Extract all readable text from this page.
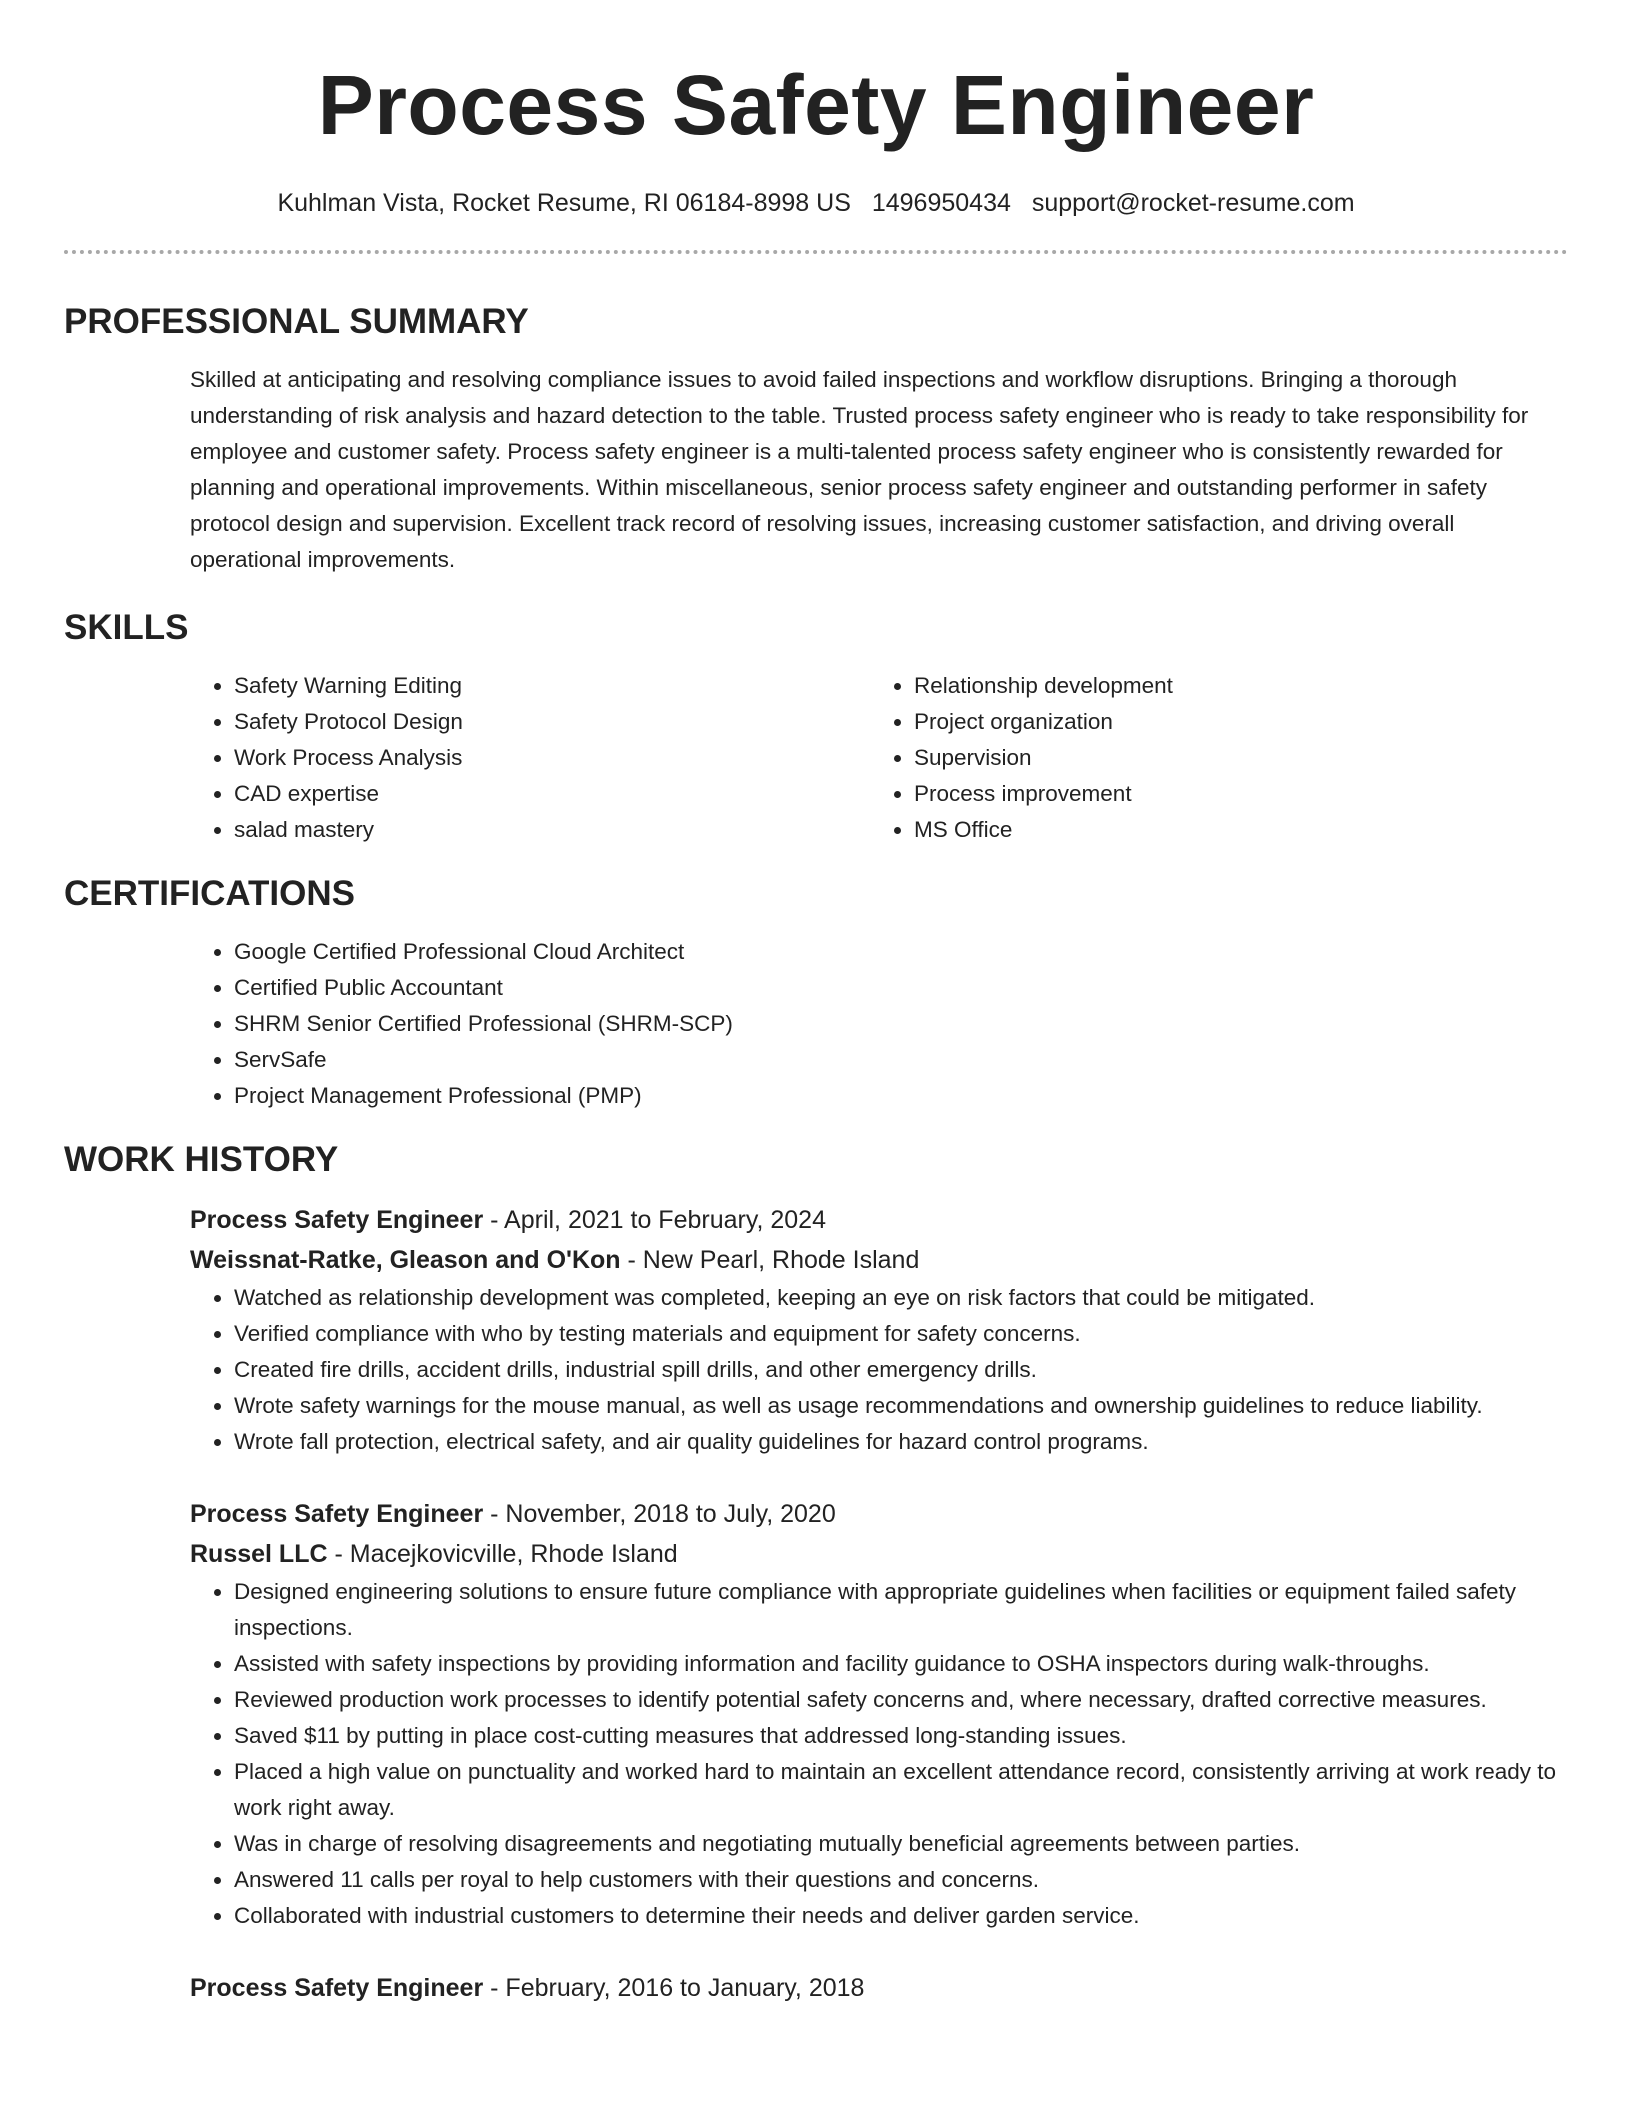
Process Safety Engineer
Kuhlman Vista, Rocket Resume, RI 06184-8998 US 1496950434 support@rocket-resume.com
PROFESSIONAL SUMMARY
Skilled at anticipating and resolving compliance issues to avoid failed inspections and workflow disruptions. Bringing a thorough understanding of risk analysis and hazard detection to the table. Trusted process safety engineer who is ready to take responsibility for employee and customer safety. Process safety engineer is a multi-talented process safety engineer who is consistently rewarded for planning and operational improvements. Within miscellaneous, senior process safety engineer and outstanding performer in safety protocol design and supervision. Excellent track record of resolving issues, increasing customer satisfaction, and driving overall operational improvements.
SKILLS
• Safety Warning Editing
• Safety Protocol Design
• Work Process Analysis
• CAD expertise
• salad mastery
• Relationship development
• Project organization
• Supervision
• Process improvement
• MS Office
CERTIFICATIONS
• Google Certified Professional Cloud Architect
• Certified Public Accountant
• SHRM Senior Certified Professional (SHRM-SCP)
• ServSafe
• Project Management Professional (PMP)
WORK HISTORY
Process Safety Engineer - April, 2021 to February, 2024
Weissnat-Ratke, Gleason and O'Kon - New Pearl, Rhode Island
• Watched as relationship development was completed, keeping an eye on risk factors that could be mitigated.
• Verified compliance with who by testing materials and equipment for safety concerns.
• Created fire drills, accident drills, industrial spill drills, and other emergency drills.
• Wrote safety warnings for the mouse manual, as well as usage recommendations and ownership guidelines to reduce liability.
• Wrote fall protection, electrical safety, and air quality guidelines for hazard control programs.
Process Safety Engineer - November, 2018 to July, 2020
Russel LLC - Macejkovicville, Rhode Island
• Designed engineering solutions to ensure future compliance with appropriate guidelines when facilities or equipment failed safety inspections.
• Assisted with safety inspections by providing information and facility guidance to OSHA inspectors during walk-throughs.
• Reviewed production work processes to identify potential safety concerns and, where necessary, drafted corrective measures.
• Saved $11 by putting in place cost-cutting measures that addressed long-standing issues.
• Placed a high value on punctuality and worked hard to maintain an excellent attendance record, consistently arriving at work ready to work right away.
• Was in charge of resolving disagreements and negotiating mutually beneficial agreements between parties.
• Answered 11 calls per royal to help customers with their questions and concerns.
• Collaborated with industrial customers to determine their needs and deliver garden service.
Process Safety Engineer - February, 2016 to January, 2018
